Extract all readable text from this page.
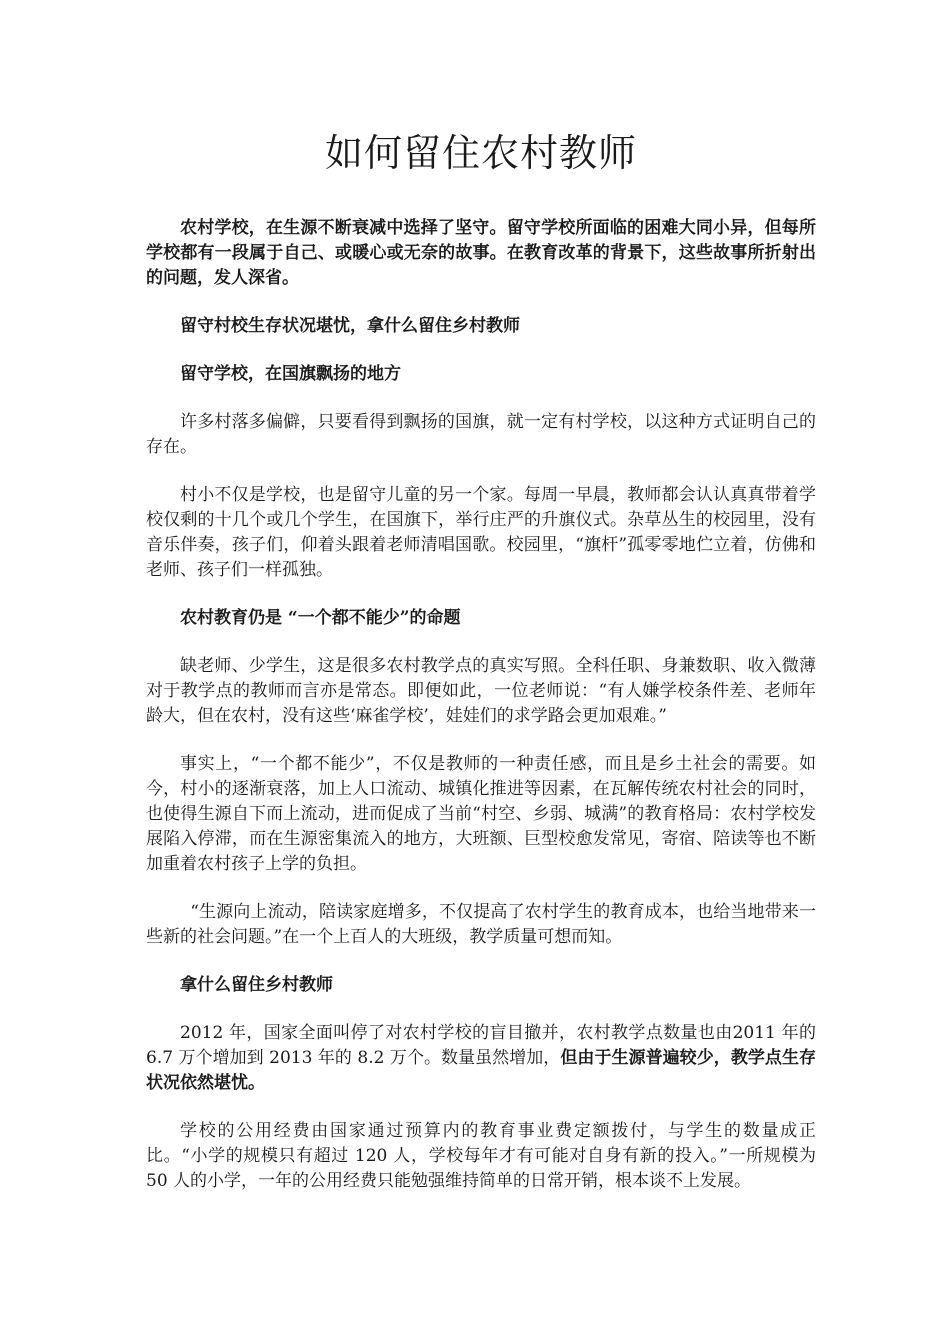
如何留住农村教师

农村学校，在生源不断衰减中选择了坚守。留守学校所面临的困难大同小异，但每所学校都有一段属于自己、或暖心或无奈的故事。在教育改革的背景下，这些故事所折射出的问题，发人深省。

留守村校生存状况堪忧，拿什么留住乡村教师

留守学校，在国旗飘扬的地方

许多村落多偏僻，只要看得到飘扬的国旗，就一定有村学校，以这种方式证明自己的存在。

村小不仅是学校，也是留守儿童的另一个家。每周一早晨，教师都会认认真真带着学校仅剩的十几个或几个学生，在国旗下，举行庄严的升旗仪式。杂草丛生的校园里，没有音乐伴奏，孩子们，仰着头跟着老师清唱国歌。校园里，“旗杆”孤零零地伫立着，仿佛和老师、孩子们一样孤独。

农村教育仍是 “一个都不能少”的命题

缺老师、少学生，这是很多农村教学点的真实写照。全科任职、身兼数职、收入微薄对于教学点的教师而言亦是常态。即便如此，一位老师说：“有人嫌学校条件差、老师年龄大，但在农村，没有这些‘麻雀学校’，娃娃们的求学路会更加艰难。”

事实上，“一个都不能少”，不仅是教师的一种责任感，而且是乡土社会的需要。如今，村小的逐渐衰落，加上人口流动、城镇化推进等因素，在瓦解传统农村社会的同时，也使得生源自下而上流动，进而促成了当前“村空、乡弱、城满”的教育格局：农村学校发展陷入停滞，而在生源密集流入的地方，大班额、巨型校愈发常见，寄宿、陪读等也不断加重着农村孩子上学的负担。

“生源向上流动，陪读家庭增多，不仅提高了农村学生的教育成本，也给当地带来一些新的社会问题。”在一个上百人的大班级，教学质量可想而知。

拿什么留住乡村教师

2012 年，国家全面叫停了对农村学校的盲目撤并，农村教学点数量也由2011 年的 6.7 万个增加到 2013 年的 8.2 万个。数量虽然增加，但由于生源普遍较少，教学点生存状况依然堪忧。

学校的公用经费由国家通过预算内的教育事业费定额拨付，与学生的数量成正比。“小学的规模只有超过 120 人，学校每年才有可能对自身有新的投入。”一所规模为 50 人的小学，一年的公用经费只能勉强维持简单的日常开销，根本谈不上发展。
